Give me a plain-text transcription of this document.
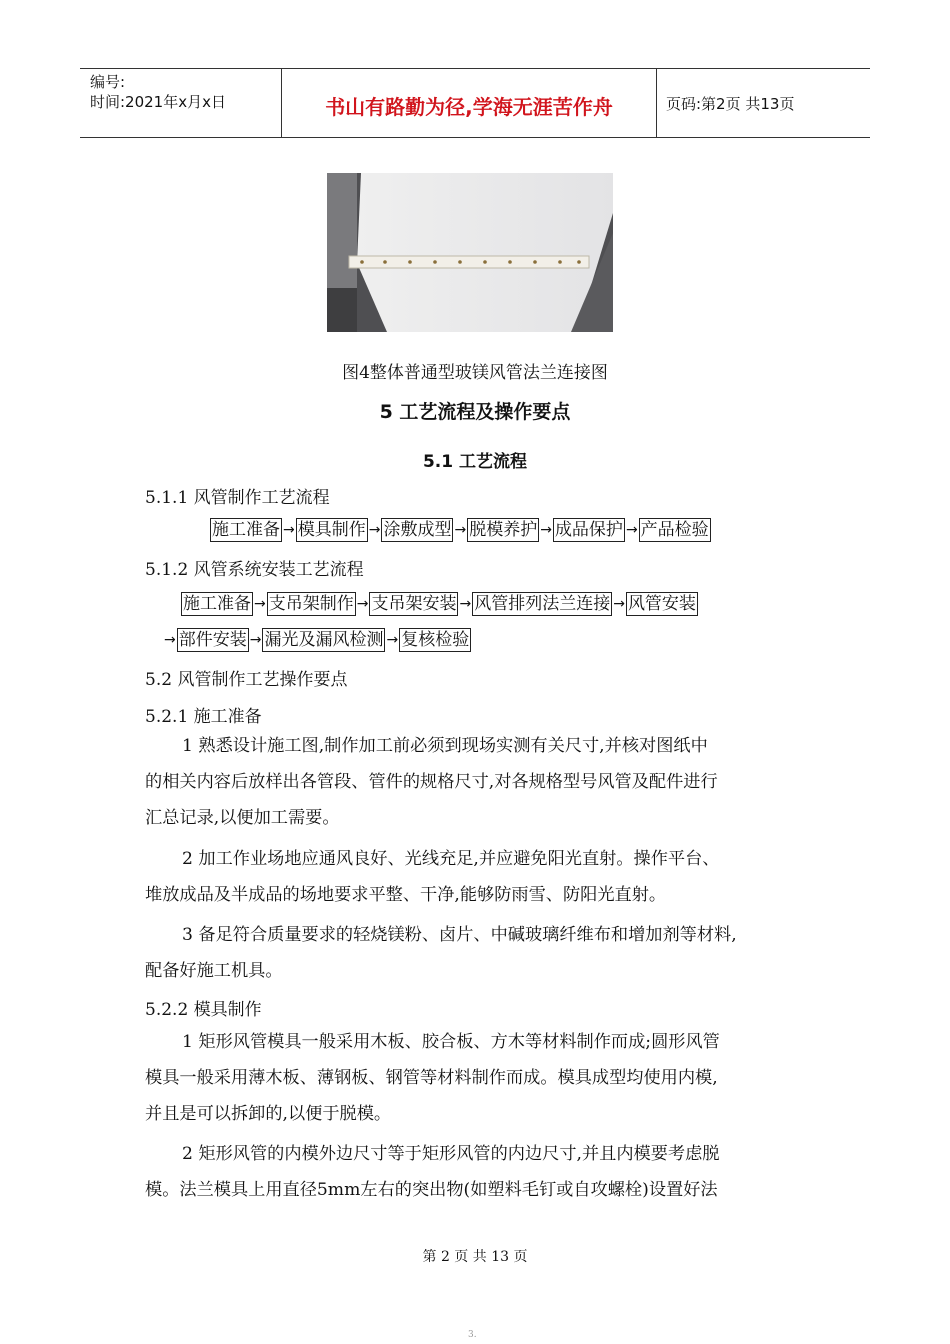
编号:
时间:2021年x月x日	书山有路勤为径,学海无涯苦作舟	页码:第2页 共13页
图4整体普通型玻镁风管法兰连接图
5 工艺流程及操作要点
5.1 工艺流程
5.1.1 风管制作工艺流程
施工准备 → 模具制作 → 涂敷成型 → 脱模养护 → 成品保护 → 产品检验
5.1.2 风管系统安装工艺流程
施工准备 → 支吊架制作 → 支吊架安装 → 风管排列法兰连接 → 风管安装
→ 部件安装 → 漏光及漏风检测 → 复核检验
5.2 风管制作工艺操作要点
5.2.1 施工准备
1 熟悉设计施工图,制作加工前必须到现场实测有关尺寸,并核对图纸中
的相关内容后放样出各管段、管件的规格尺寸,对各规格型号风管及配件进行
汇总记录,以便加工需要。
2 加工作业场地应通风良好、光线充足,并应避免阳光直射。操作平台、
堆放成品及半成品的场地要求平整、干净,能够防雨雪、防阳光直射。
3 备足符合质量要求的轻烧镁粉、卤片、中碱玻璃纤维布和增加剂等材料,
配备好施工机具。
5.2.2 模具制作
1 矩形风管模具一般采用木板、胶合板、方木等材料制作而成;圆形风管
模具一般采用薄木板、薄钢板、钢管等材料制作而成。模具成型均使用内模,
并且是可以拆卸的,以便于脱模。
2 矩形风管的内模外边尺寸等于矩形风管的内边尺寸,并且内模要考虑脱
模。法兰模具上用直径5mm左右的突出物(如塑料毛钉或自攻螺栓)设置好法
第 2 页 共 13 页
3.
